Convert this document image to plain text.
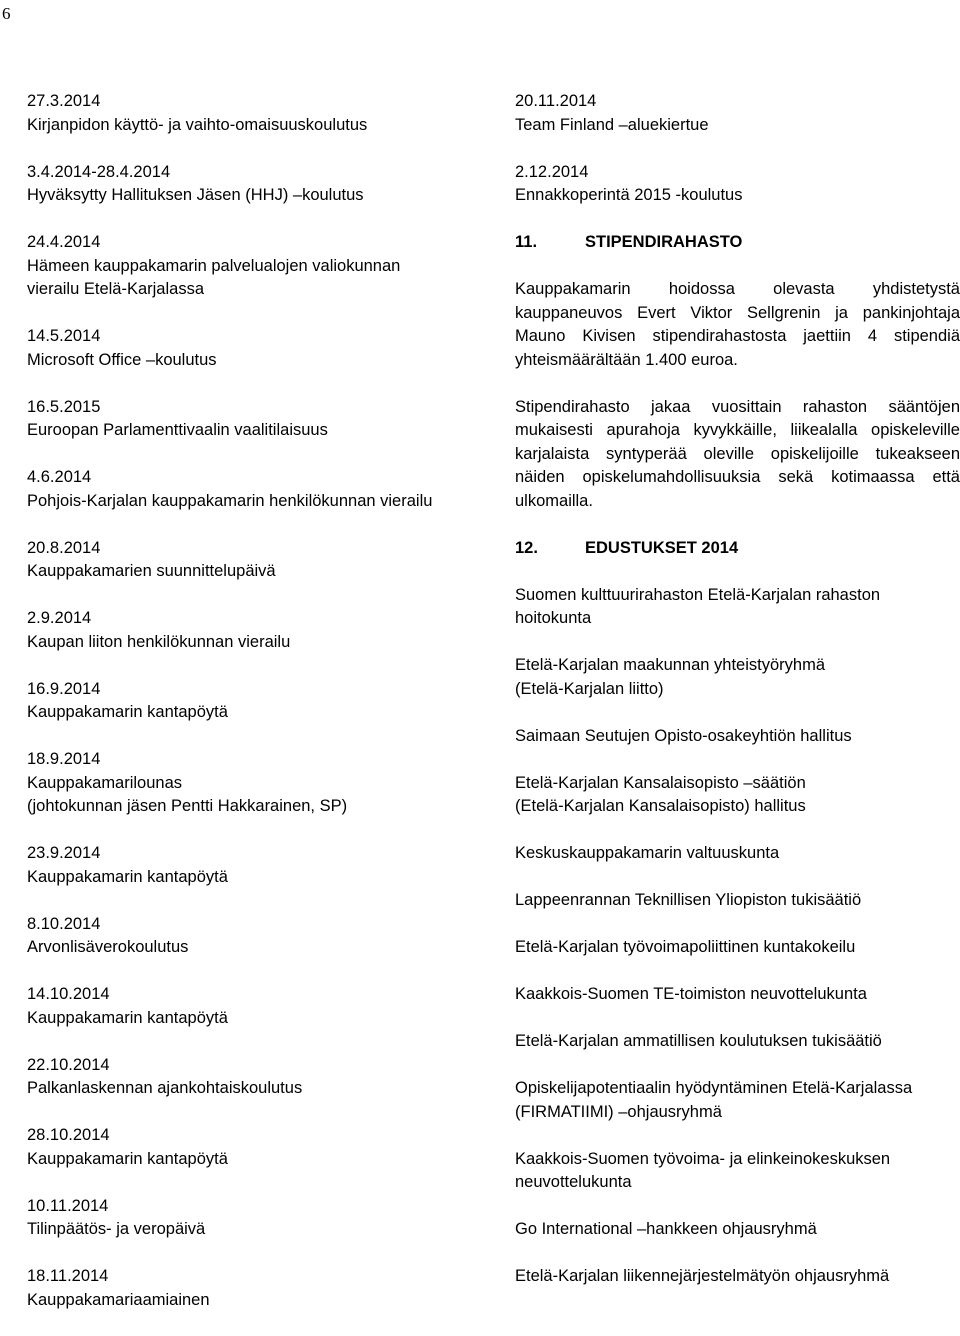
6
27.3.2014

Kirjanpidon käyttö- ja vaihto-omaisuuskoulutus

3.4.2014-28.4.2014

Hyväksytty Hallituksen Jäsen (HHJ) –koulutus

24.4.2014

Hämeen kauppakamarin palvelualojen valiokunnan

vierailu Etelä-Karjalassa

14.5.2014

Microsoft Office –koulutus

16.5.2015

Euroopan Parlamenttivaalin vaalitilaisuus

4.6.2014

Pohjois-Karjalan kauppakamarin henkilökunnan vierailu

20.8.2014

Kauppakamarien suunnittelupäivä

2.9.2014

Kaupan liiton henkilökunnan vierailu

16.9.2014

Kauppakamarin kantapöytä

18.9.2014

Kauppakamarilounas

(johtokunnan jäsen Pentti Hakkarainen, SP)

23.9.2014

Kauppakamarin kantapöytä

8.10.2014

Arvonlisäverokoulutus

14.10.2014

Kauppakamarin kantapöytä

22.10.2014

Palkanlaskennan ajankohtaiskoulutus

28.10.2014

Kauppakamarin kantapöytä

10.11.2014

Tilinpäätös- ja veropäivä

18.11.2014

Kauppakamariaamiainen

20.11.2014

Team Finland –aluekiertue

2.12.2014

Ennakkoperintä 2015 -koulutus

11.	STIPENDIRAHASTO

Kauppakamarin hoidossa olevasta yhdistetystä kauppaneuvos Evert Viktor Sellgrenin ja pankinjohtaja Mauno Kivisen stipendirahastosta jaettiin 4 stipendiä yhteismäärältään 1.400 euroa.

Stipendirahasto jakaa vuosittain rahaston sääntöjen mukaisesti apurahoja kyvykkäille, liikealalla opiskeleville karjalaista syntyperää oleville opiskelijoille tukeakseen näiden opiskelumahdollisuuksia sekä kotimaassa että ulkomailla.

12.	EDUSTUKSET 2014
Suomen kulttuurirahaston Etelä-Karjalan rahaston
hoitokunta
Etelä-Karjalan maakunnan yhteistyöryhmä
(Etelä-Karjalan liitto)
Saimaan Seutujen Opisto-osakeyhtiön hallitus
Etelä-Karjalan Kansalaisopisto –säätiön
(Etelä-Karjalan Kansalaisopisto) hallitus
Keskuskauppakamarin valtuuskunta
Lappeenrannan Teknillisen Yliopiston tukisäätiö
Etelä-Karjalan työvoimapoliittinen kuntakokeilu
Kaakkois-Suomen TE-toimiston neuvottelukunta
Etelä-Karjalan ammatillisen koulutuksen tukisäätiö
Opiskelijapotentiaalin hyödyntäminen Etelä-Karjalassa
(FIRMATIIMI) –ohjausryhmä
Kaakkois-Suomen työvoima- ja elinkeinokeskuksen
neuvottelukunta
Go International –hankkeen ohjausryhmä
Etelä-Karjalan liikennejärjestelmätyön ohjausryhmä
